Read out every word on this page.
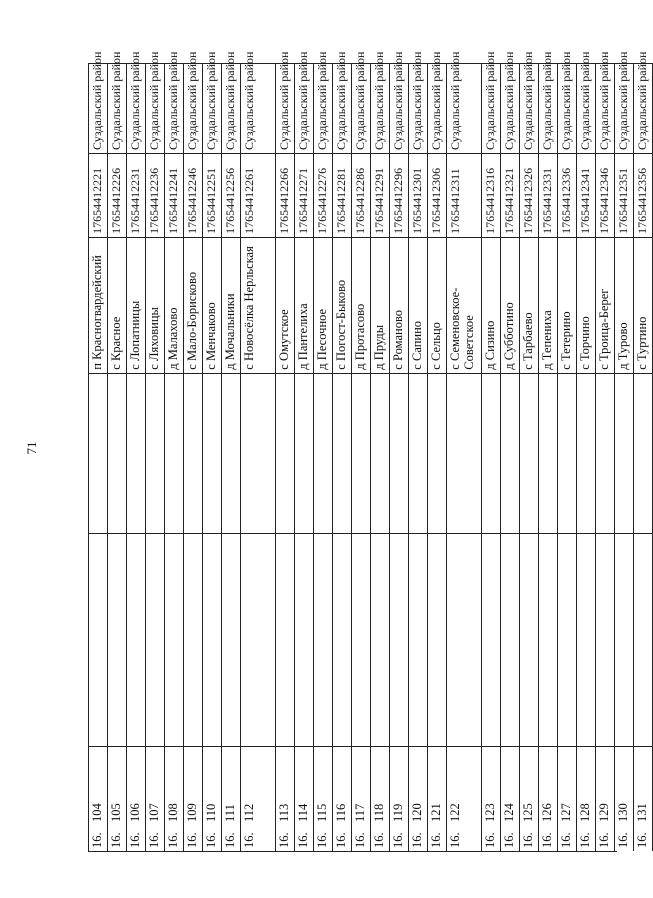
71
16.
104
п Красногвардейский
17654412221
Суздальский район
16.
105
с Красное
17654412226
Суздальский район
16.
106
с Лопатницы
17654412231
Суздальский район
16.
107
с Ляховицы
17654412236
Суздальский район
16.
108
д Малахово
17654412241
Суздальский район
16.
109
с Мало-Борисково
17654412246
Суздальский район
16.
110
с Менчаково
17654412251
Суздальский район
16.
111
д Мочальники
17654412256
Суздальский район
16.
112
с Новосёлка Нерльская
17654412261
Суздальский район
16.
113
с Омутское
17654412266
Суздальский район
16.
114
д Пантелиха
17654412271
Суздальский район
16.
115
д Песочное
17654412276
Суздальский район
16.
116
с Погост-Быково
17654412281
Суздальский район
16.
117
д Протасово
17654412286
Суздальский район
16.
118
д Пруды
17654412291
Суздальский район
16.
119
с Романово
17654412296
Суздальский район
16.
120
с Сапино
17654412301
Суздальский район
16.
121
с Сельцо
17654412306
Суздальский район
16.
122
с Семеновское-Советское
17654412311
Суздальский район
16.
123
д Сизино
17654412316
Суздальский район
16.
124
д Субботино
17654412321
Суздальский район
16.
125
с Тарбаево
17654412326
Суздальский район
16.
126
д Тепениха
17654412331
Суздальский район
16.
127
с Тетерино
17654412336
Суздальский район
16.
128
с Торчино
17654412341
Суздальский район
16.
129
с Троица-Берег
17654412346
Суздальский район
16.
130
д Турово
17654412351
Суздальский район
16.
131
с Туртино
17654412356
Суздальский район
